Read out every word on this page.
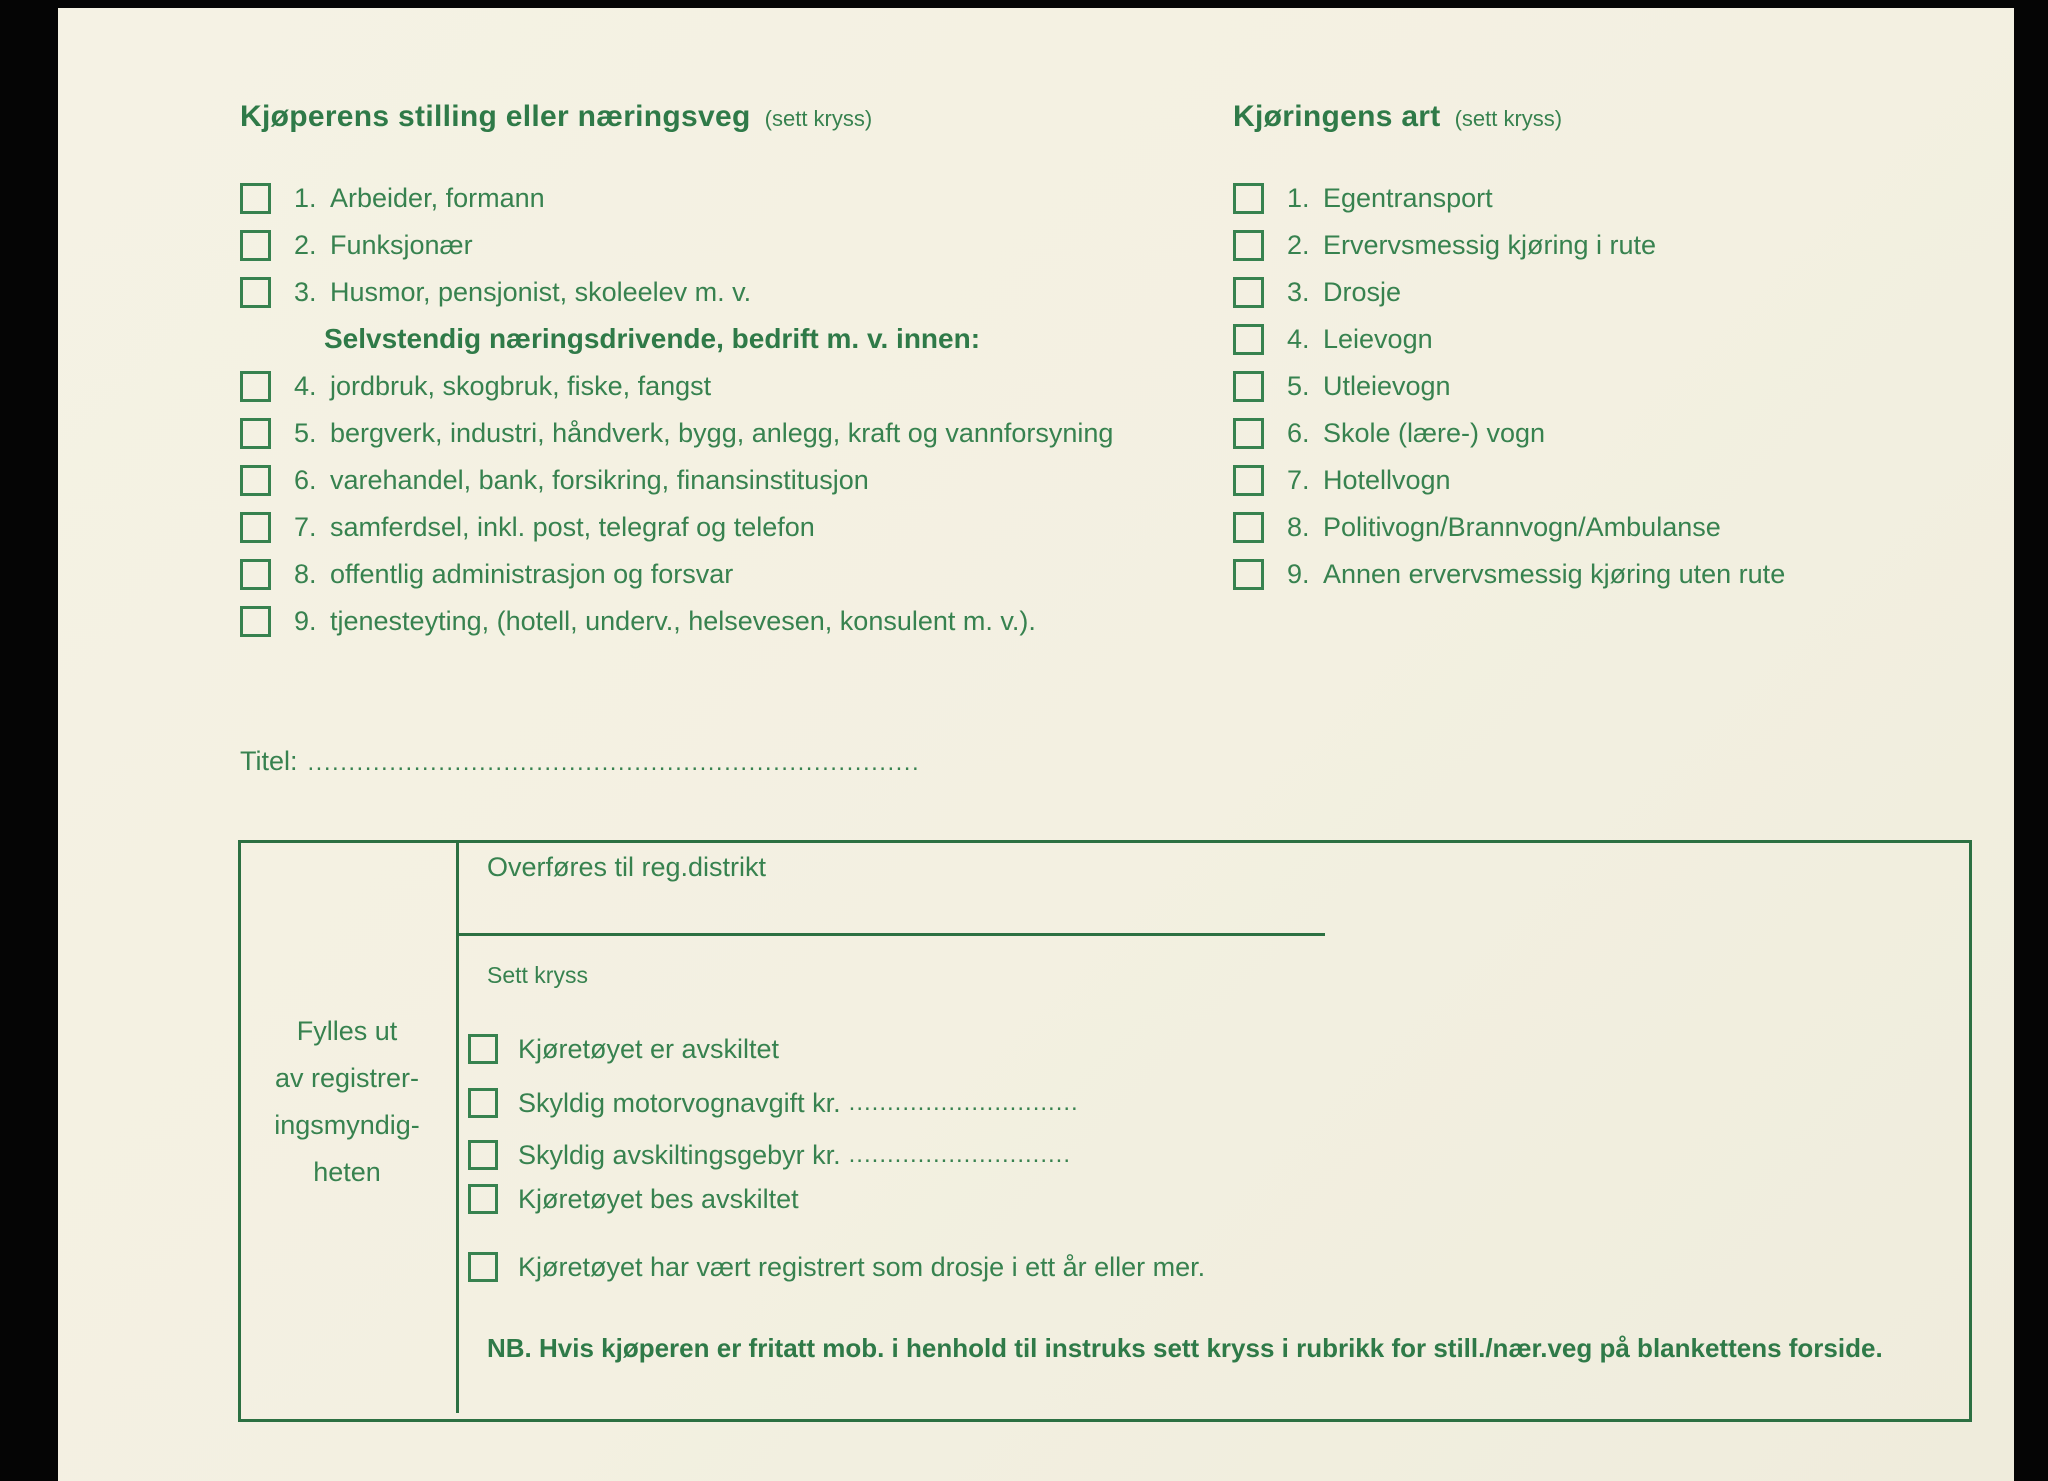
Kjøperens stilling eller næringsveg (sett kryss)
1. Arbeider, formann
2. Funksjonær
3. Husmor, pensjonist, skoleelev m. v.
Selvstendig næringsdrivende, bedrift m. v. innen:
4. jordbruk, skogbruk, fiske, fangst
5. bergverk, industri, håndverk, bygg, anlegg, kraft og vannforsyning
6. varehandel, bank, forsikring, finansinstitusjon
7. samferdsel, inkl. post, telegraf og telefon
8. offentlig administrasjon og forsvar
9. tjenesteyting, (hotell, underv., helsevesen, konsulent m. v.).
Kjøringens art (sett kryss)
1. Egentransport
2. Ervervsmessig kjøring i rute
3. Drosje
4. Leievogn
5. Utleievogn
6. Skole (lære-) vogn
7. Hotellvogn
8. Politivogn/Brannvogn/Ambulanse
9. Annen ervervsmessig kjøring uten rute
Titel: ...........................................................................
Overføres til reg.distrikt
Sett kryss
Fylles ut
av registrer-
ingsmyndig-
heten
Kjøretøyet er avskiltet
Skyldig motorvognavgift kr. ..............................
Skyldig avskiltingsgebyr kr. .............................
Kjøretøyet bes avskiltet
Kjøretøyet har vært registrert som drosje i ett år eller mer.
NB. Hvis kjøperen er fritatt mob. i henhold til instruks sett kryss i rubrikk for still./nær.veg på blankettens forside.
